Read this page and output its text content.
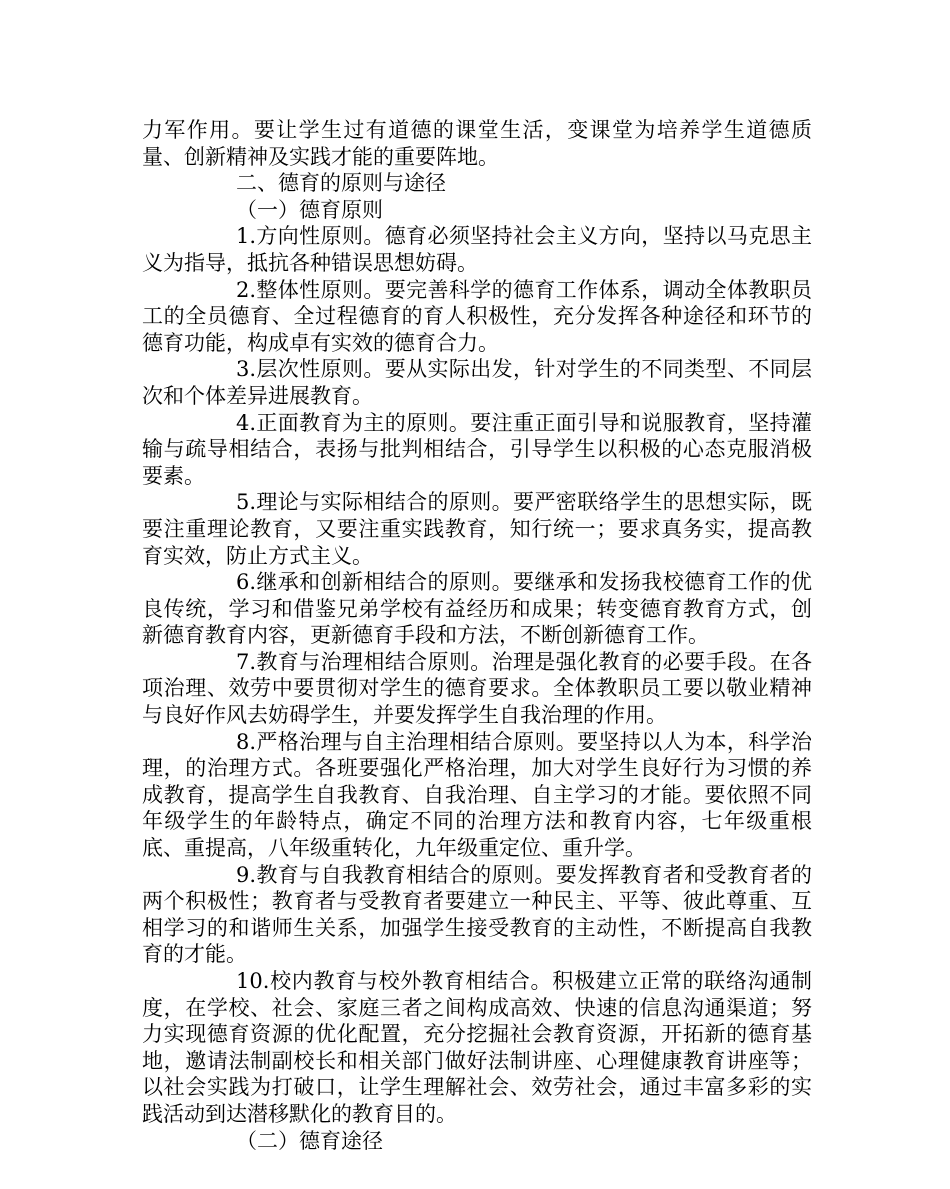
力军作用。要让学生过有道德的课堂生活，变课堂为培养学生道德质量、创新精神及实践才能的重要阵地。

二、德育的原则与途径

（一）德育原则

1.方向性原则。德育必须坚持社会主义方向，坚持以马克思主义为指导，抵抗各种错误思想妨碍。

2.整体性原则。要完善科学的德育工作体系，调动全体教职员工的全员德育、全过程德育的育人积极性，充分发挥各种途径和环节的德育功能，构成卓有实效的德育合力。

3.层次性原则。要从实际出发，针对学生的不同类型、不同层次和个体差异进展教育。

4.正面教育为主的原则。要注重正面引导和说服教育，坚持灌输与疏导相结合，表扬与批判相结合，引导学生以积极的心态克服消极要素。

5.理论与实际相结合的原则。要严密联络学生的思想实际，既要注重理论教育，又要注重实践教育，知行统一；要求真务实，提高教育实效，防止方式主义。

6.继承和创新相结合的原则。要继承和发扬我校德育工作的优良传统，学习和借鉴兄弟学校有益经历和成果；转变德育教育方式，创新德育教育内容，更新德育手段和方法，不断创新德育工作。

7.教育与治理相结合原则。治理是强化教育的必要手段。在各项治理、效劳中要贯彻对学生的德育要求。全体教职员工要以敬业精神与良好作风去妨碍学生，并要发挥学生自我治理的作用。

8.严格治理与自主治理相结合原则。要坚持以人为本，科学治理，的治理方式。各班要强化严格治理，加大对学生良好行为习惯的养成教育，提高学生自我教育、自我治理、自主学习的才能。要依照不同年级学生的年龄特点，确定不同的治理方法和教育内容，七年级重根底、重提高，八年级重转化，九年级重定位、重升学。

9.教育与自我教育相结合的原则。要发挥教育者和受教育者的两个积极性；教育者与受教育者要建立一种民主、平等、彼此尊重、互相学习的和谐师生关系，加强学生接受教育的主动性，不断提高自我教育的才能。

10.校内教育与校外教育相结合。积极建立正常的联络沟通制度，在学校、社会、家庭三者之间构成高效、快速的信息沟通渠道；努力实现德育资源的优化配置，充分挖掘社会教育资源，开拓新的德育基地，邀请法制副校长和相关部门做好法制讲座、心理健康教育讲座等；以社会实践为打破口，让学生理解社会、效劳社会，通过丰富多彩的实践活动到达潜移默化的教育目的。

（二）德育途径
